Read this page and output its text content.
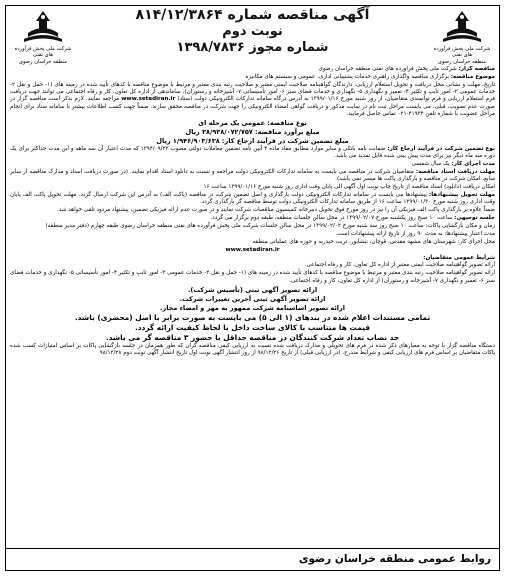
شرکت ملی پخش فرآورده های نفتی
منطقه خراسان رضوی
آگهی مناقصه شماره ۸۱۴/۱۲/۳۸۶۴
نوبت دوم
شماره مجوز ۱۳۹۸/۷۸۳۶
شرکت ملی پخش فرآورده های نفتی
منطقه خراسان رضوی

مناقصه گزار: شرکت ملی پخش فرآورده های نفتی منطقه خراسان رضوی

موضوع مناقصه: برگزاری مناقصه واگذاری راهبری خدمات پشتیبانی اداری، عمومی و سیستم های مکانیزه

تاریخ، مهلت و نشانی محل دریافت و تحویل استعلام ارزیابی: دارندگان گواهینامه صلاحیت ایمنی معتبر و صلاحیت رتبه بندی معتبر و مرتبط با موضوع مناقصه با کدهای تأیید شده در زمینه های (۱- حمل و نقل ۲- خدمات عمومی ۳- امور تایپ و تکثیر ۴- تعمیر و نگهداری ۵- نگهداری و خدمات فضای سبز ۶- امور تأسیساتی ۷- آشپزخانه و رستوران)، ساماندهی از اداره کل تعاون، کار و رفاه اجتماعی می توانند جهت دریافت فرم استعلام ارزیابی و فرم توانمندی متقاضیان، از روز شنبه مورخ ۱۳۹۹/۰۱/۱۶ به آدرس درگاه سامانه تدارکات الکترونیکی دولت (ستاد) www.setadiran.ir مراجعه نمایند. لازم بذکر است مناقصه گزار در صورت عدم تصویب، قبلی، می بایست مراحل ثبت نام در سایت مذکور و دریافت گواهی امضاء الکترونیکی را جهت شرکت در مناقصه محقق سازند. ضمناً جهت کسب اطلاعات بیشتر با سامانه ستاد برای انجام مراحل عضویت با شماره تلفن ۴۱۹۳۴-۰۲۱ تماس حاصل فرمایید.

نوع مناقصه: عمومی یک مرحله ای

مبلغ برآورد مناقصه: ۳۸/۹۳۸/۰۷۲/۷۵۷ ریال

مبلغ تضمین شرکت در فرآیند ارجاع کار: ۱/۹۴۶/۹۰۳/۶۳۸ ریال

نوع تضمین شرکت در فرآیند ارجاع کار: ضمانت نامه بانکی و سایر موارد مطابق مفاد ماده ۴ آیین نامه تضمین معاملات دولتی مصوب ۱۳۹۴/۰۹/۲۲ که مدت اعتبار آن سه ماهه و این مدت حداکثر برای یک دوره سه ماه دیگر نیز برای مدت پیش بینی شده قابل تمدید می باشد.

مدت اجرای کار: یک سال شمسی

مهلت دریافت اسناد مناقصه: متقاضیان شرکت در مناقصه می بایست به سامانه تدارکات الکترونیکی دولت مراجعه و نسبت به دانلود اسناد اقدام نمایند. (در صورت دریافت اسناد و مدارک مناقصه از سایر منابع، امکان شرکت در مناقصه و بارگذاری پاکت ها میسر نمی باشد).

امکان دریافت (دانلود) اسناد مناقصه از تاریخ چاپ نوبت اول آگهی الی پایان وقت اداری روز شنبه مورخ ۱۳۹۹/۰۱/۱۶ ساعت ۱۶

مهلت تحویل پیشنهادها: پیشنهادها می بایست در سامانه تدارکات الکترونیکی دولت بارگذاری و اصل تضمین شرکت در مناقصه (پاکت الف) به آدرس این شرکت ارسال گردد. مهلت تحویل پاکت الف پایان وقت اداری روز شنبه مورخ ۱۳۹۹/۰۱/۳۰ ساعت ۱۶ از طریق سامانه تدارکات الکترونیکی دولت توسط مناقصه گر بارگذاری گردد.

ضمناً علاوه بر بارگذاری پاکت الف فیزیکی آن را نیز در روز مورخ فوق تحویل دبیرخانه کمیسیون مناقصات شرکت نمایند و در صورت عدم ارائه فیزیکی تضمین، پیشنهاد مردود تلقی خواهد شد.

جلسه توجیهی: ساعت ۱۰ صبح روز یکشنبه مورخ ۱۳۹۹/۰۲/۰۷ در محل سالن جلسات منطقه، طبقه دوم برگزار می گردد.

زمان و مکان بازگشایی پاکات: ساعت ۱۰ صبح روز سه شنبه مورخ ۱۳۹۹/۰۲/۰۲ در محل سالن جلسات شرکت ملی پخش فرآورده های نفتی منطقه خراسان رضوی طبقه چهارم (دفتر مدیر منطقه)

مدت اعتبار پیشنهادها: به مدت ۹۰ روز از تاریخ ارائه پیشنهادات است.

محل اجرای کار: شهرستان های مشهد مقدس، قوچان، نیشابور، تربت حیدریه و حوزه های عملیاتی منطقه

www.setadiran.ir

شرایط عمومی متقاضیان:

ارائه تصویر گواهینامه صلاحیت ایمنی معتبر از اداره کل تعاون، کار و رفاه اجتماعی.

ارائه تصویر گواهینامه صلاحیت رتبه بندی معتبر و مرتبط با موضوع مناقصه با کدهای تأیید شده در زمینه های (۱- حمل و نقل ۲- خدمات عمومی ۳- امور تایپ و تکثیر ۴- امور تأسیساتی ۵- نگهداری و خدمات فضای سبز ۶- تعمیر و نگهداری ۷- آشپزخانه و رستوران) از اداره کل تعاون، کار و رفاه اجتماعی.

ارائه تصویر آگهی ثبتی (تأسیس شرکت).

ارائه تصویر آگهی ثبتی آخرین تغییرات شرکت.

ارائه تصویر اساسنامه شرکت ممهور به مهر و امضاء مجاز.

تمامی مستندات اعلام شده در بندهای (۱ الی ۵) می بایست به صورت برابر با اصل (محضری) باشد.

قیمت ها متناسب با کالای ساخت داخل با لحاظ کیفیت ارائه گردد.

حد نصاب تعداد شرکت کنندگان در مناقصه حداقل با حضور ۳ مناقصه گر می باشد.

دستگاه مناقصه گزار با توجه به معیارهای ذکر شده در فرم های تحویلی و مدارک دریافت شده نسبت به ارزیابی کیفی مناقصه گران که طور همزمان در جلسه بازگشایی پاکات بر اساس امتیازات کسب شده پاکات متقاضیان بر اساس فرم های ارزیابی کیفی و شرایط مندرج، (در ارزیابی قبلی) از تاریخ ۹۸/۱۲/۲۶ از روز انتشار آگهی نوبت اول تاریخ انتشار آگهی نوبت دوم ۹۸/۱۲/۲۸

روابط عمومی منطقه خراسان رضوی
